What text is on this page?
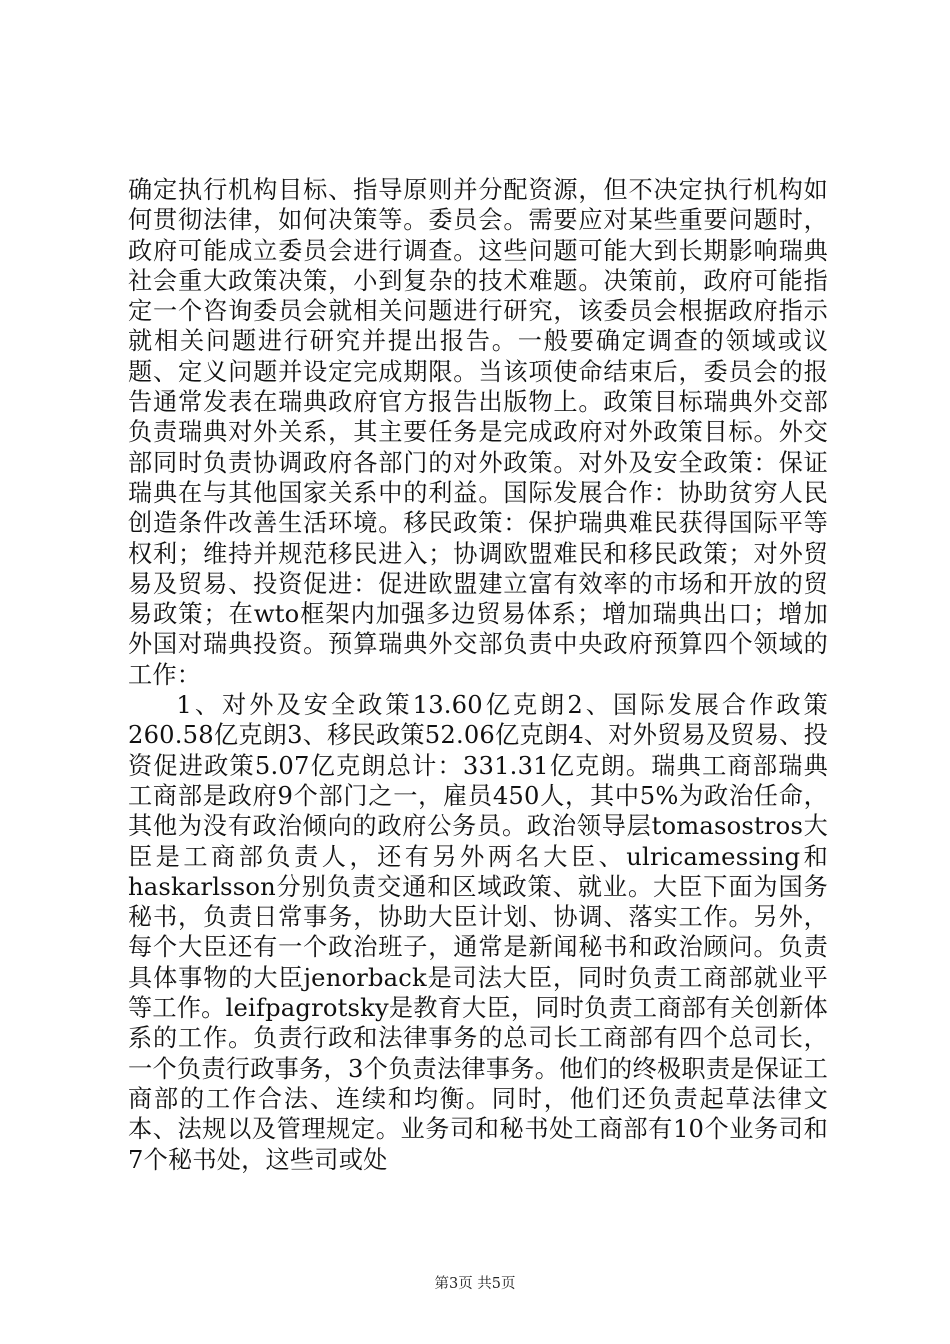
确定执行机构目标、指导原则并分配资源，但不决定执行机构如何贯彻法律，如何决策等。委员会。需要应对某些重要问题时，政府可能成立委员会进行调查。这些问题可能大到长期影响瑞典社会重大政策决策，小到复杂的技术难题。决策前，政府可能指定一个咨询委员会就相关问题进行研究，该委员会根据政府指示就相关问题进行研究并提出报告。一般要确定调查的领域或议题、定义问题并设定完成期限。当该项使命结束后，委员会的报告通常发表在瑞典政府官方报告出版物上。政策目标瑞典外交部负责瑞典对外关系，其主要任务是完成政府对外政策目标。外交部同时负责协调政府各部门的对外政策。对外及安全政策：保证瑞典在与其他国家关系中的利益。国际发展合作：协助贫穷人民创造条件改善生活环境。移民政策：保护瑞典难民获得国际平等权利；维持并规范移民进入；协调欧盟难民和移民政策；对外贸易及贸易、投资促进：促进欧盟建立富有效率的市场和开放的贸易政策；在wto框架内加强多边贸易体系；增加瑞典出口；增加外国对瑞典投资。预算瑞典外交部负责中央政府预算四个领域的工作：

1、对外及安全政策13.60亿克朗2、国际发展合作政策260.58亿克朗3、移民政策52.06亿克朗4、对外贸易及贸易、投资促进政策5.07亿克朗总计：331.31亿克朗。瑞典工商部瑞典工商部是政府9个部门之一，雇员450人，其中5%为政治任命，其他为没有政治倾向的政府公务员。政治领导层tomasostros大臣是工商部负责人，还有另外两名大臣、ulricamessing和haskarlsson分别负责交通和区域政策、就业。大臣下面为国务秘书，负责日常事务，协助大臣计划、协调、落实工作。另外，每个大臣还有一个政治班子，通常是新闻秘书和政治顾问。负责具体事物的大臣jenorback是司法大臣，同时负责工商部就业平等工作。leifpagrotsky是教育大臣，同时负责工商部有关创新体系的工作。负责行政和法律事务的总司长工商部有四个总司长，一个负责行政事务，3个负责法律事务。他们的终极职责是保证工商部的工作合法、连续和均衡。同时，他们还负责起草法律文本、法规以及管理规定。业务司和秘书处工商部有10个业务司和7个秘书处，这些司或处

第3页 共5页
